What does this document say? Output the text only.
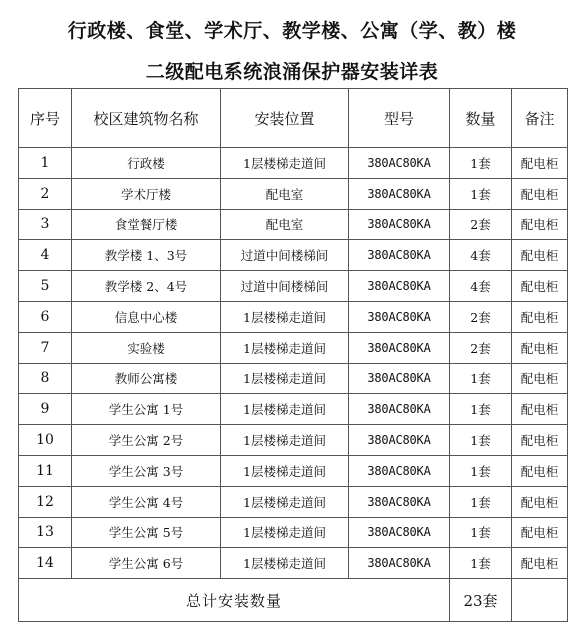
行政楼、食堂、学术厅、教学楼、公寓（学、教）楼
二级配电系统浪涌保护器安装详表
序号	校区建筑物名称	安装位置	型号	数量	备注
1	行政楼	1层楼梯走道间	380AC80KA	1套	配电柜
2	学术厅楼	配电室	380AC80KA	1套	配电柜
3	食堂餐厅楼	配电室	380AC80KA	2套	配电柜
4	教学楼 1、3号	过道中间楼梯间	380AC80KA	4套	配电柜
5	教学楼 2、4号	过道中间楼梯间	380AC80KA	4套	配电柜
6	信息中心楼	1层楼梯走道间	380AC80KA	2套	配电柜
7	实验楼	1层楼梯走道间	380AC80KA	2套	配电柜
8	教师公寓楼	1层楼梯走道间	380AC80KA	1套	配电柜
9	学生公寓 1号	1层楼梯走道间	380AC80KA	1套	配电柜
10	学生公寓 2号	1层楼梯走道间	380AC80KA	1套	配电柜
11	学生公寓 3号	1层楼梯走道间	380AC80KA	1套	配电柜
12	学生公寓 4号	1层楼梯走道间	380AC80KA	1套	配电柜
13	学生公寓 5号	1层楼梯走道间	380AC80KA	1套	配电柜
14	学生公寓 6号	1层楼梯走道间	380AC80KA	1套	配电柜
总计安装数量				23套	
